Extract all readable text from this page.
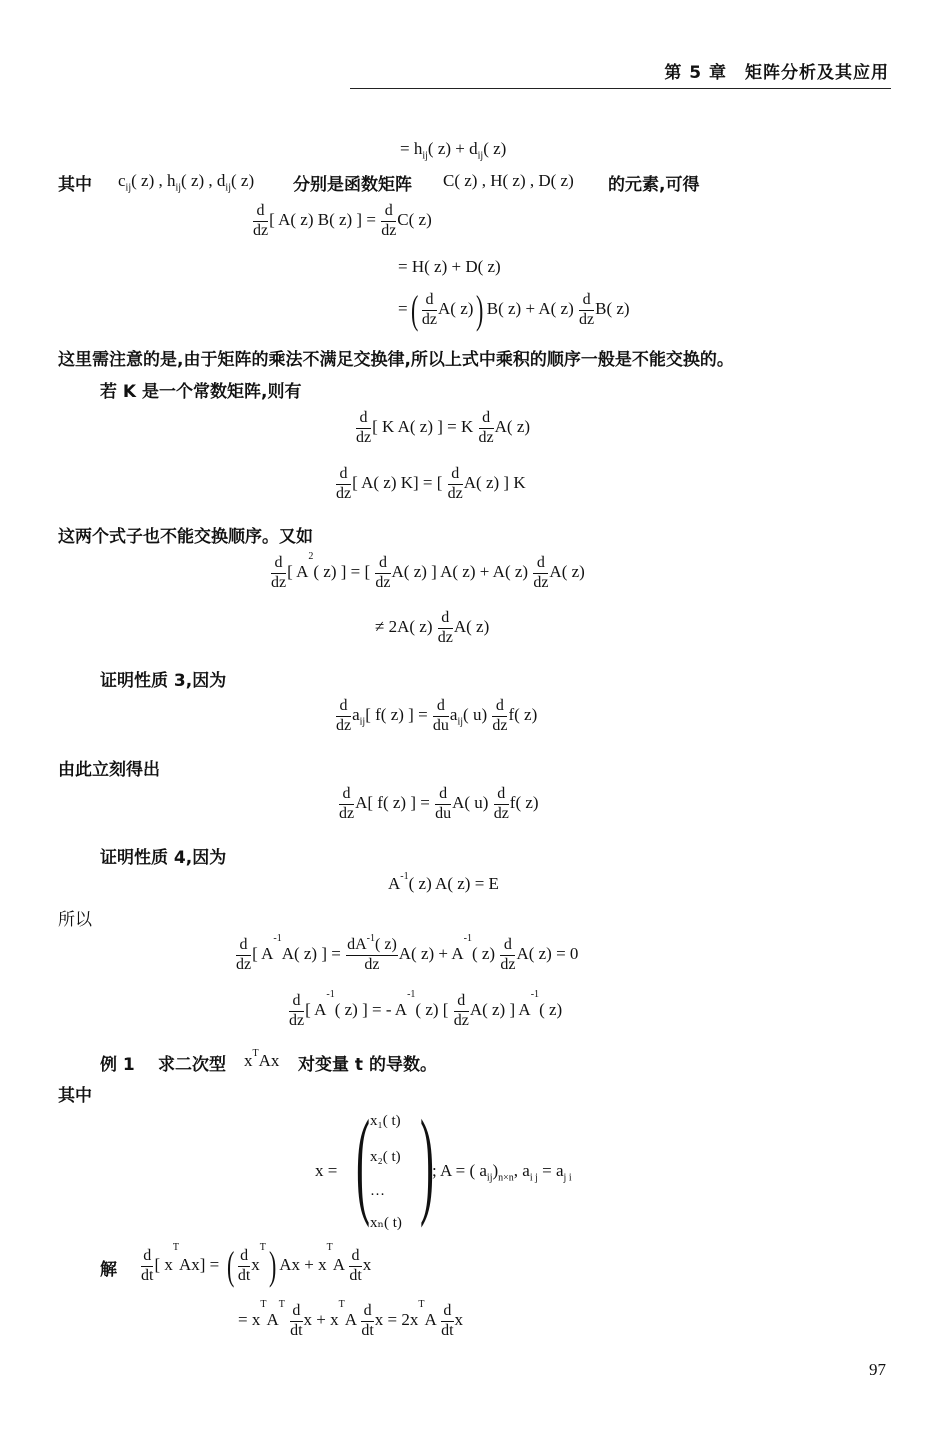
第 5 章　矩阵分析及其应用
= $h_{ij}$( $z) + d_{ij}$( z)
其中 $c_{ij}$( z) , $h_{ij}$( z) , $d_{ij}$( z) 分别是函数矩阵 C( z) , H( z) , D( z) 的元素,可得
$\frac{d}{dz}$ [ A( z) B( z) ] = $\frac{d}{dz} C$( z)
= H( z) + D( z)
=( $\frac{d}{dz} A$( z)) B( z) + A( $z) \frac{d}{dz} B$( z)
这里需注意的是,由于矩阵的乘法不满足交换律,所以上式中乘积的顺序一般是不能交换的。
若 K 是一个常数矩阵,则有
$\frac{d}{dz}$ [ K A( z) ] = K $\frac{d}{dz} A$( z)
$\frac{d}{dz}$ [ A( z) K] = [ $\frac{d}{dz} A$( z) ] K
这两个式子也不能交换顺序。又如
$\frac{d}{dz}$ [ $A^2$( z) ] = [ $\frac{d}{dz} A$( z) ] A( z) + A( $z) \frac{d}{dz} A$( z)
≠ 2A( $z) \frac{d}{dz} A$( z)
证明性质 3,因为
$\frac{d}{dz} a_{ij}$[ f( z) ] = $\frac{d}{du} a_{ij}$( $u) \frac{d}{dz} f$( z)
由此立刻得出
$\frac{d}{dz} A$[ f( z) ] = $\frac{d}{du} A$( $u) \frac{d}{dz} f$( z)
证明性质 4,因为
$A^{-1}$( z) A( z) = E
所以
$\frac{d}{dz}$ [ $A^{-1}A$( z) ] = $\frac{dA^{-1}( z)}{dz} A$( $z) + A^{-1}$( $z) \frac{d}{dz} A$( z) = 0
$\frac{d}{dz}$ [ $A^{-1}$( z) ] = - $A^{-1}$( z) [ $\frac{d}{dz} A$( z) ] $A^{-1}$( z)
例 1 求二次型 $x^TAx$ 对变量 t 的导数。
其中
x = ( x₁( t)
x₂( t)
…
xₙ( t) )
; A = ( $a_{ij})_{n\times n}$, $a_{i j} = a_{j i}$
解 $\frac{d}{dt}$ [ $x^TAx$] = ( $\frac{d}{dt} x^T$) $Ax + x^TA \frac{d}{dt}$ x
= $x^TA^T \frac{d}{dt}$ $x + x^TA \frac{d}{dt}$ $x = 2x^TA \frac{d}{dt}$ x
97
